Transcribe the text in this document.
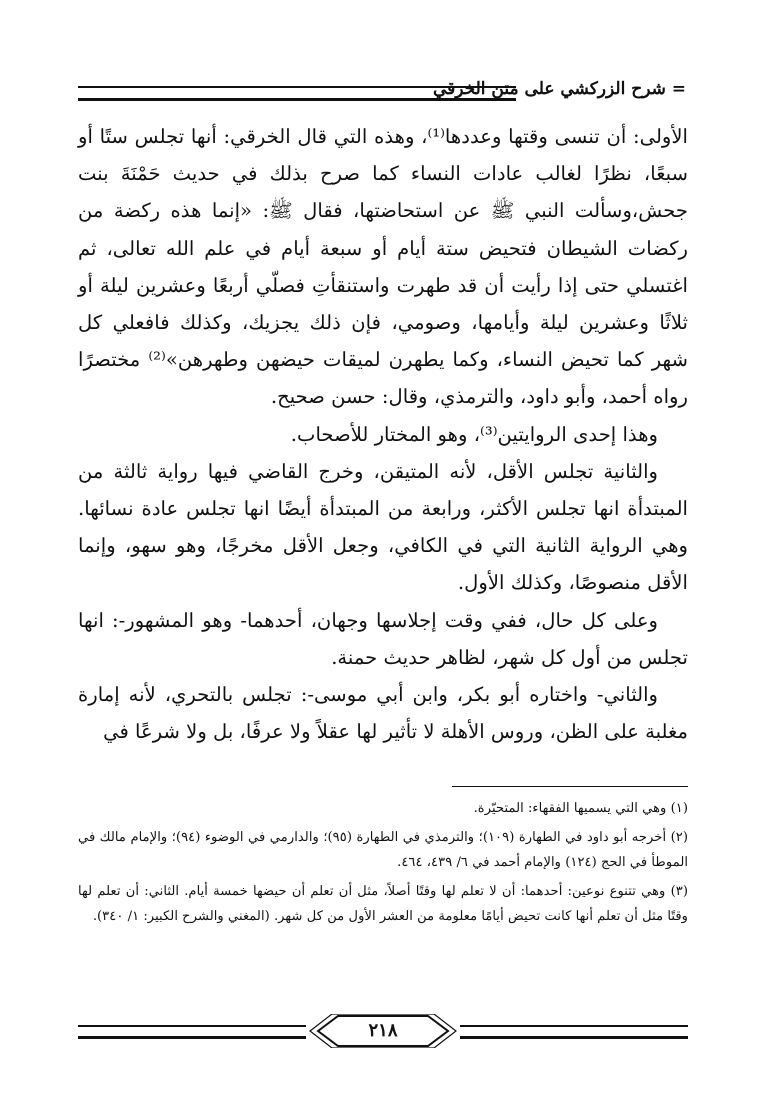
= شرح الزركشي على متن الخرقي

الأولى: أن تنسى وقتها وعددها⁽¹⁾، وهذه التي قال الخرقي: أنها تجلس ستًا أو سبعًا، نظرًا لغالب عادات النساء كما صرح بذلك في حديث حَمْنَةَ بنت جحش،وسألت النبي ﷺ عن استحاضتها، فقال ﷺ: «إنما هذه ركضة من ركضات الشيطان فتحيض ستة أيام أو سبعة أيام في علم الله تعالى، ثم اغتسلي حتى إذا رأيت أن قد طهرت واستنقأتِ فصلّي أربعًا وعشرين ليلة أو ثلاثًا وعشرين ليلة وأيامها، وصومي، فإن ذلك يجزيك، وكذلك فافعلي كل شهر كما تحيض النساء، وكما يطهرن لميقات حيضهن وطهرهن»⁽²⁾ مختصرًا رواه أحمد، وأبو داود، والترمذي، وقال: حسن صحيح.

وهذا إحدى الروايتين⁽³⁾، وهو المختار للأصحاب.

والثانية تجلس الأقل، لأنه المتيقن، وخرج القاضي فيها رواية ثالثة من المبتدأة انها تجلس الأكثر، ورابعة من المبتدأة أيضًا انها تجلس عادة نسائها. وهي الرواية الثانية التي في الكافي، وجعل الأقل مخرجًا، وهو سهو، وإنما الأقل منصوصًا، وكذلك الأول.

وعلى كل حال، ففي وقت إجلاسها وجهان، أحدهما- وهو المشهور-: انها تجلس من أول كل شهر، لظاهر حديث حمنة.

والثاني- واختاره أبو بكر، وابن أبي موسى-: تجلس بالتحري، لأنه إمارة مغلبة على الظن، وروس الأهلة لا تأثير لها عقلاً ولا عرفًا، بل ولا شرعًا في

(١) وهي التي يسميها الفقهاء: المتحيّرة.

(٢) أخرجه أبو داود في الطهارة (١٠٩)؛ والترمذي في الطهارة (٩٥)؛ والدارمي في الوضوء (٩٤)؛ والإمام مالك في الموطأ في الحج (١٢٤) والإمام أحمد في ٦/ ٤٣٩، ٤٦٤.

(٣) وهي تتنوع نوعين: أحدهما: أن لا تعلم لها وقتًا أصلاً، مثل أن تعلم أن حيضها خمسة أيام. الثاني: أن تعلم لها وقتًا مثل أن تعلم أنها كانت تحيض أيامًا معلومة من العشر الأول من كل شهر. (المغني والشرح الكبير: ١/ ٣٤٠).

٢١٨
